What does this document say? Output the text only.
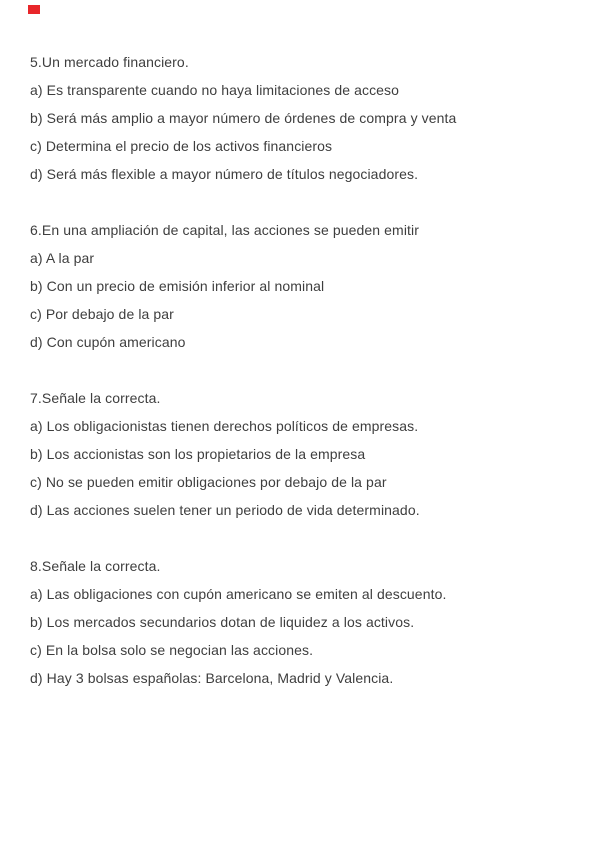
5.Un mercado financiero.

a) Es transparente cuando no haya limitaciones de acceso

b) Será más amplio a mayor número de órdenes de compra y venta

c) Determina el precio de los activos financieros

d) Será más flexible a mayor número de títulos negociadores.

6.En una ampliación de capital, las acciones se pueden emitir

a) A la par

b) Con un precio de emisión inferior al nominal

c) Por debajo de la par

d) Con cupón americano

7.Señale la correcta.

a) Los obligacionistas tienen derechos políticos de empresas.

b) Los accionistas son los propietarios de la empresa

c) No se pueden emitir obligaciones por debajo de la par

d) Las acciones suelen tener un periodo de vida determinado.

8.Señale la correcta.

a) Las obligaciones con cupón americano se emiten al descuento.

b) Los mercados secundarios dotan de liquidez a los activos.

c) En la bolsa solo se negocian las acciones.

d) Hay 3 bolsas españolas: Barcelona, Madrid y Valencia.
